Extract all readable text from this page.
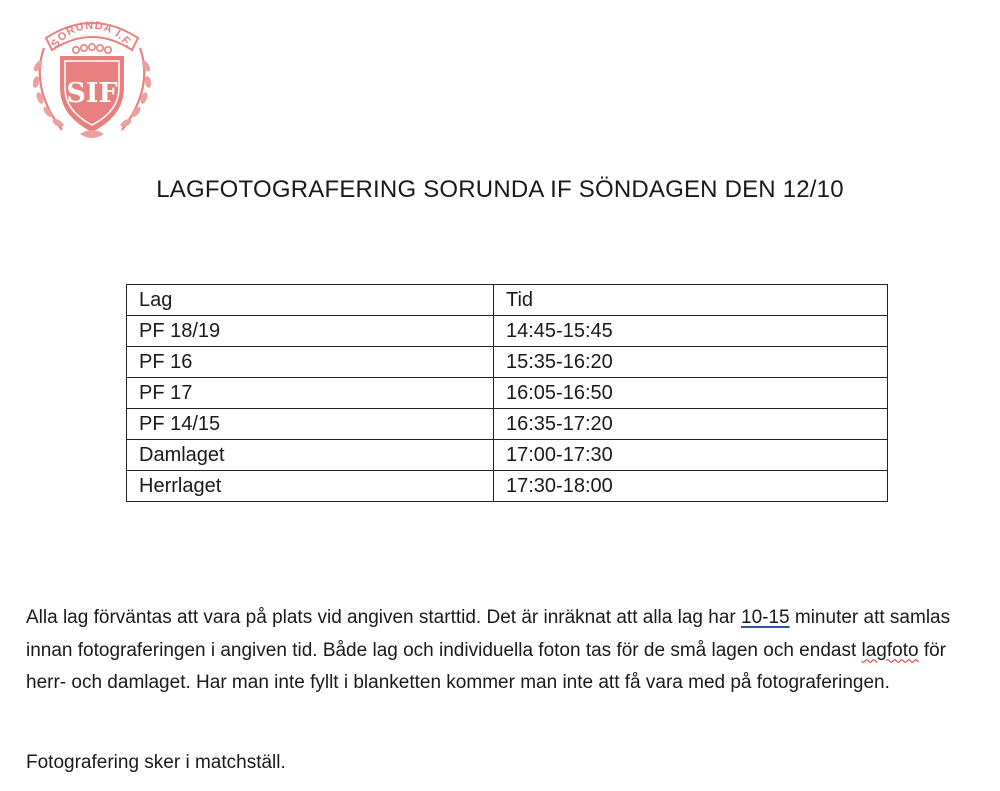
SORUNDA I.F.
SIF
LAGFOTOGRAFERING SORUNDA IF SÖNDAGEN DEN 12/10
Lag	Tid
PF 18/19	14:45-15:45
PF 16	15:35-16:20
PF 17	16:05-16:50
PF 14/15	16:35-17:20
Damlaget	17:00-17:30
Herrlaget	17:30-18:00

Alla lag förväntas att vara på plats vid angiven starttid. Det är inräknat att alla lag har 10-15 minuter att samlas innan fotograferingen i angiven tid. Både lag och individuella foton tas för de små lagen och endast lagfoto för herr- och damlaget. Har man inte fyllt i blanketten kommer man inte att få vara med på fotograferingen.

Fotografering sker i matchställ.
